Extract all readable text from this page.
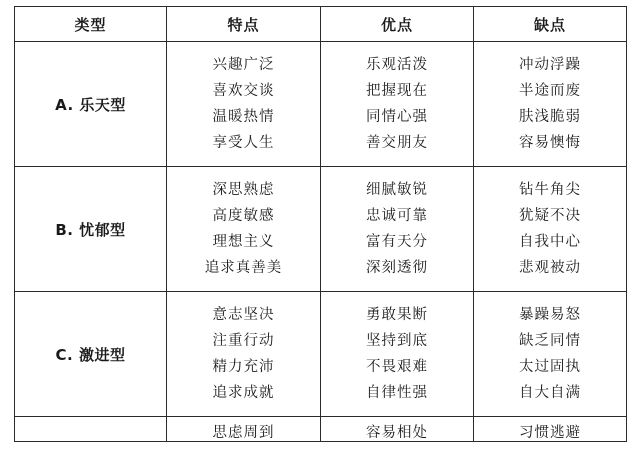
类型	特点	优点	缺点
A. 乐天型	兴趣广泛
喜欢交谈
温暖热情
享受人生	乐观活泼
把握现在
同情心强
善交朋友	冲动浮躁
半途而废
肤浅脆弱
容易懊悔

B. 忧郁型	深思熟虑
高度敏感
理想主义
追求真善美	细腻敏锐
忠诚可靠
富有天分
深刻透彻	钻牛角尖
犹疑不决
自我中心
悲观被动

C. 激进型	意志坚决
注重行动
精力充沛
追求成就	勇敢果断
坚持到底
不畏艰难
自律性强	暴躁易怒
缺乏同情
太过固执
自大自满

	思虑周到	容易相处	习惯逃避
